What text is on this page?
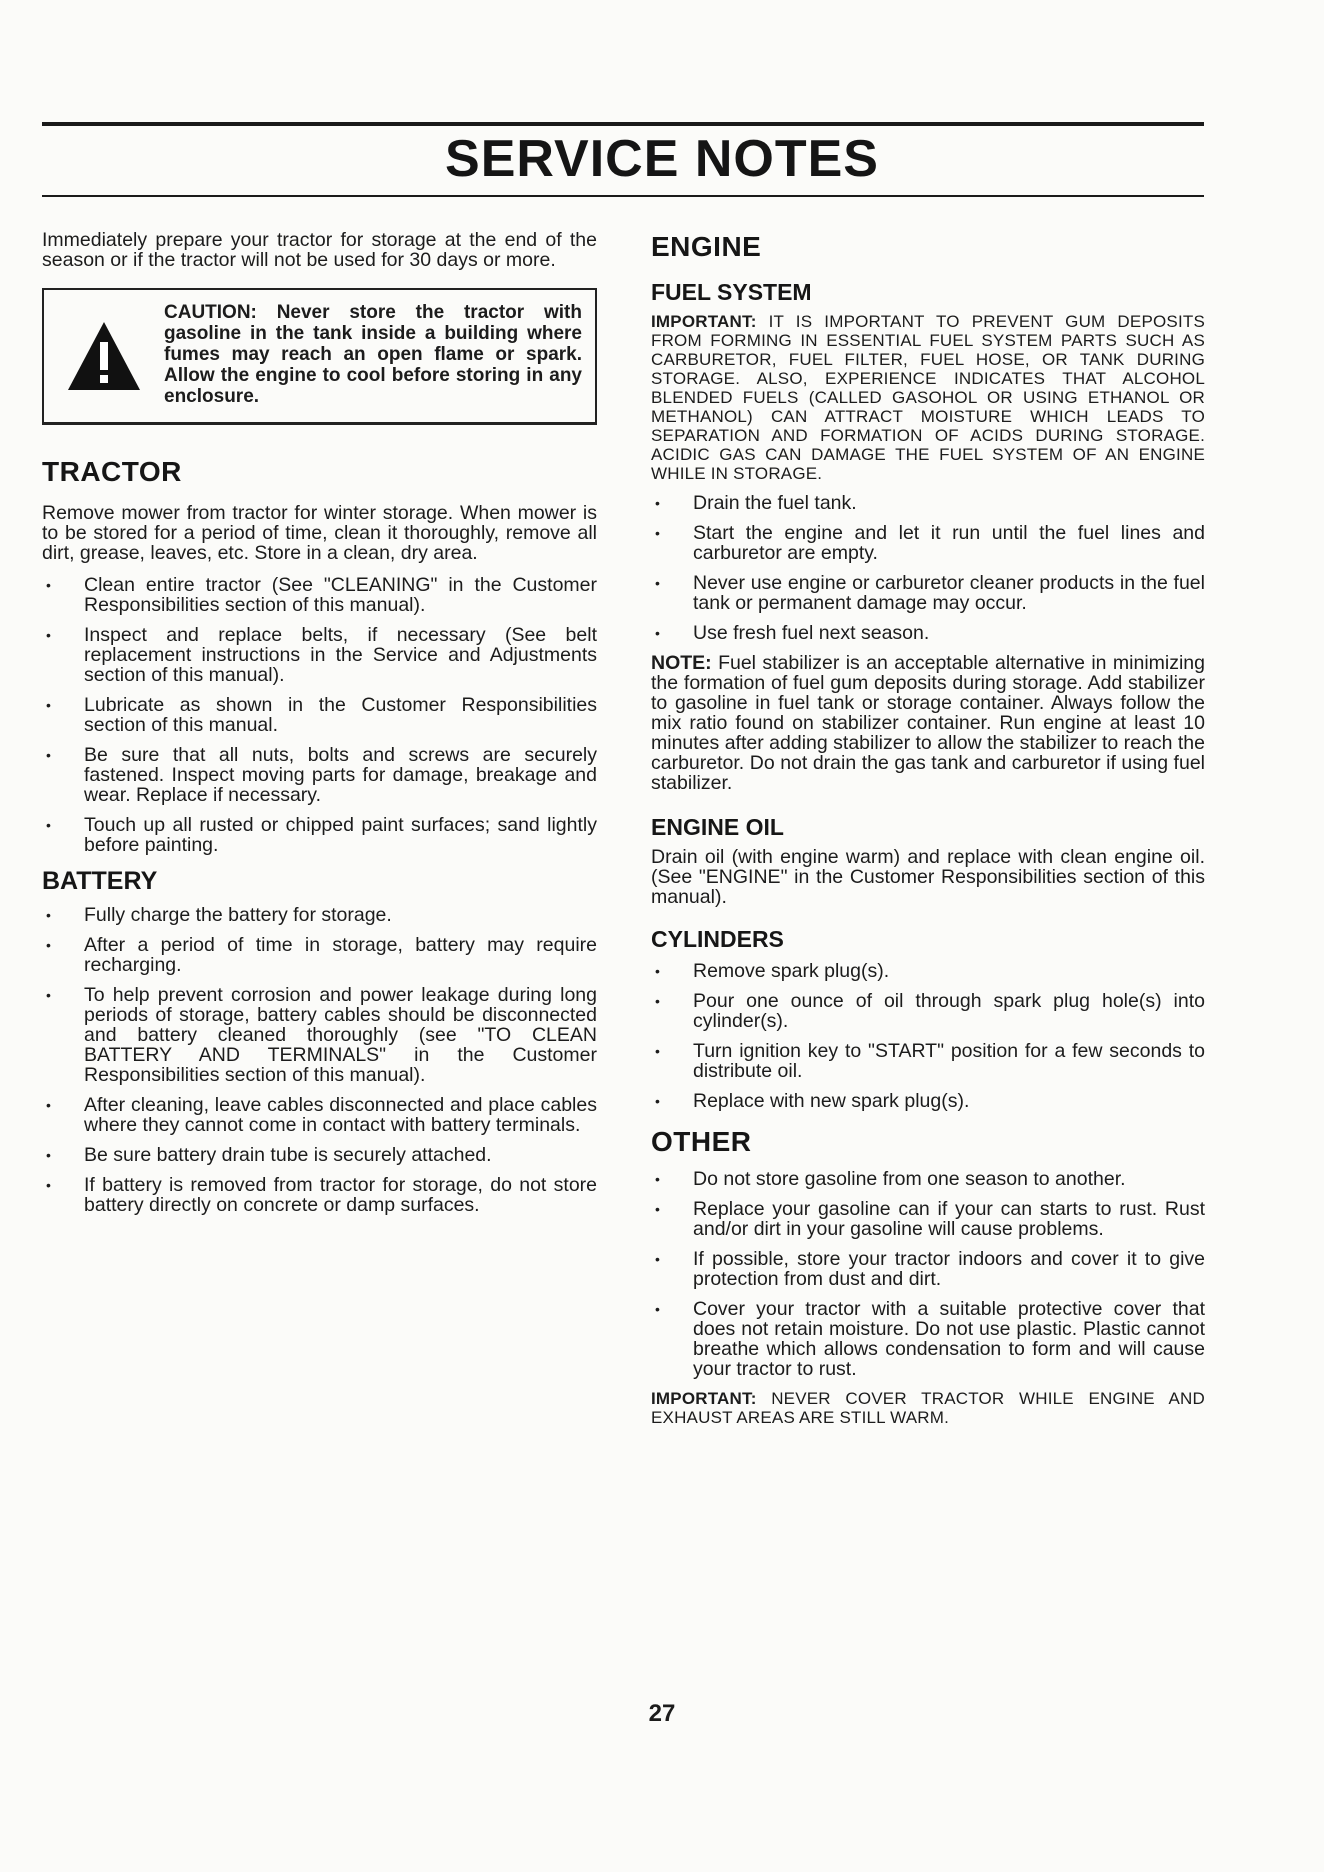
SERVICE NOTES

Immediately prepare your tractor for storage at the end of the season or if the tractor will not be used for 30 days or more.

CAUTION: Never store the tractor with gasoline in the tank inside a building where fumes may reach an open flame or spark. Allow the engine to cool before storing in any enclosure.
TRACTOR

Remove mower from tractor for winter storage. When mower is to be stored for a period of time, clean it thoroughly, remove all dirt, grease, leaves, etc. Store in a clean, dry area.

• Clean entire tractor (See "CLEANING" in the Customer Responsibilities section of this manual).
• Inspect and replace belts, if necessary (See belt replacement instructions in the Service and Adjustments section of this manual).
• Lubricate as shown in the Customer Responsibilities section of this manual.
• Be sure that all nuts, bolts and screws are securely fastened. Inspect moving parts for damage, breakage and wear. Replace if necessary.
• Touch up all rusted or chipped paint surfaces; sand lightly before painting.
BATTERY
• Fully charge the battery for storage.
• After a period of time in storage, battery may require recharging.
• To help prevent corrosion and power leakage during long periods of storage, battery cables should be disconnected and battery cleaned thoroughly (see "TO CLEAN BATTERY AND TERMINALS" in the Customer Responsibilities section of this manual).
• After cleaning, leave cables disconnected and place cables where they cannot come in contact with battery terminals.
• Be sure battery drain tube is securely attached.
• If battery is removed from tractor for storage, do not store battery directly on concrete or damp surfaces.
ENGINE
FUEL SYSTEM

IMPORTANT: IT IS IMPORTANT TO PREVENT GUM DEPOSITS FROM FORMING IN ESSENTIAL FUEL SYSTEM PARTS SUCH AS CARBURETOR, FUEL FILTER, FUEL HOSE, OR TANK DURING STORAGE. ALSO, EXPERIENCE INDICATES THAT ALCOHOL BLENDED FUELS (CALLED GASOHOL OR USING ETHANOL OR METHANOL) CAN ATTRACT MOISTURE WHICH LEADS TO SEPARATION AND FORMATION OF ACIDS DURING STORAGE. ACIDIC GAS CAN DAMAGE THE FUEL SYSTEM OF AN ENGINE WHILE IN STORAGE.

• Drain the fuel tank.
• Start the engine and let it run until the fuel lines and carburetor are empty.
• Never use engine or carburetor cleaner products in the fuel tank or permanent damage may occur.
• Use fresh fuel next season.

NOTE: Fuel stabilizer is an acceptable alternative in minimizing the formation of fuel gum deposits during storage. Add stabilizer to gasoline in fuel tank or storage container. Always follow the mix ratio found on stabilizer container. Run engine at least 10 minutes after adding stabilizer to allow the stabilizer to reach the carburetor. Do not drain the gas tank and carburetor if using fuel stabilizer.

ENGINE OIL

Drain oil (with engine warm) and replace with clean engine oil. (See "ENGINE" in the Customer Responsibilities section of this manual).

CYLINDERS
• Remove spark plug(s).
• Pour one ounce of oil through spark plug hole(s) into cylinder(s).
• Turn ignition key to "START" position for a few seconds to distribute oil.
• Replace with new spark plug(s).
OTHER
• Do not store gasoline from one season to another.
• Replace your gasoline can if your can starts to rust. Rust and/or dirt in your gasoline will cause problems.
• If possible, store your tractor indoors and cover it to give protection from dust and dirt.
• Cover your tractor with a suitable protective cover that does not retain moisture. Do not use plastic. Plastic cannot breathe which allows condensation to form and will cause your tractor to rust.

IMPORTANT: NEVER COVER TRACTOR WHILE ENGINE AND EXHAUST AREAS ARE STILL WARM.

27
